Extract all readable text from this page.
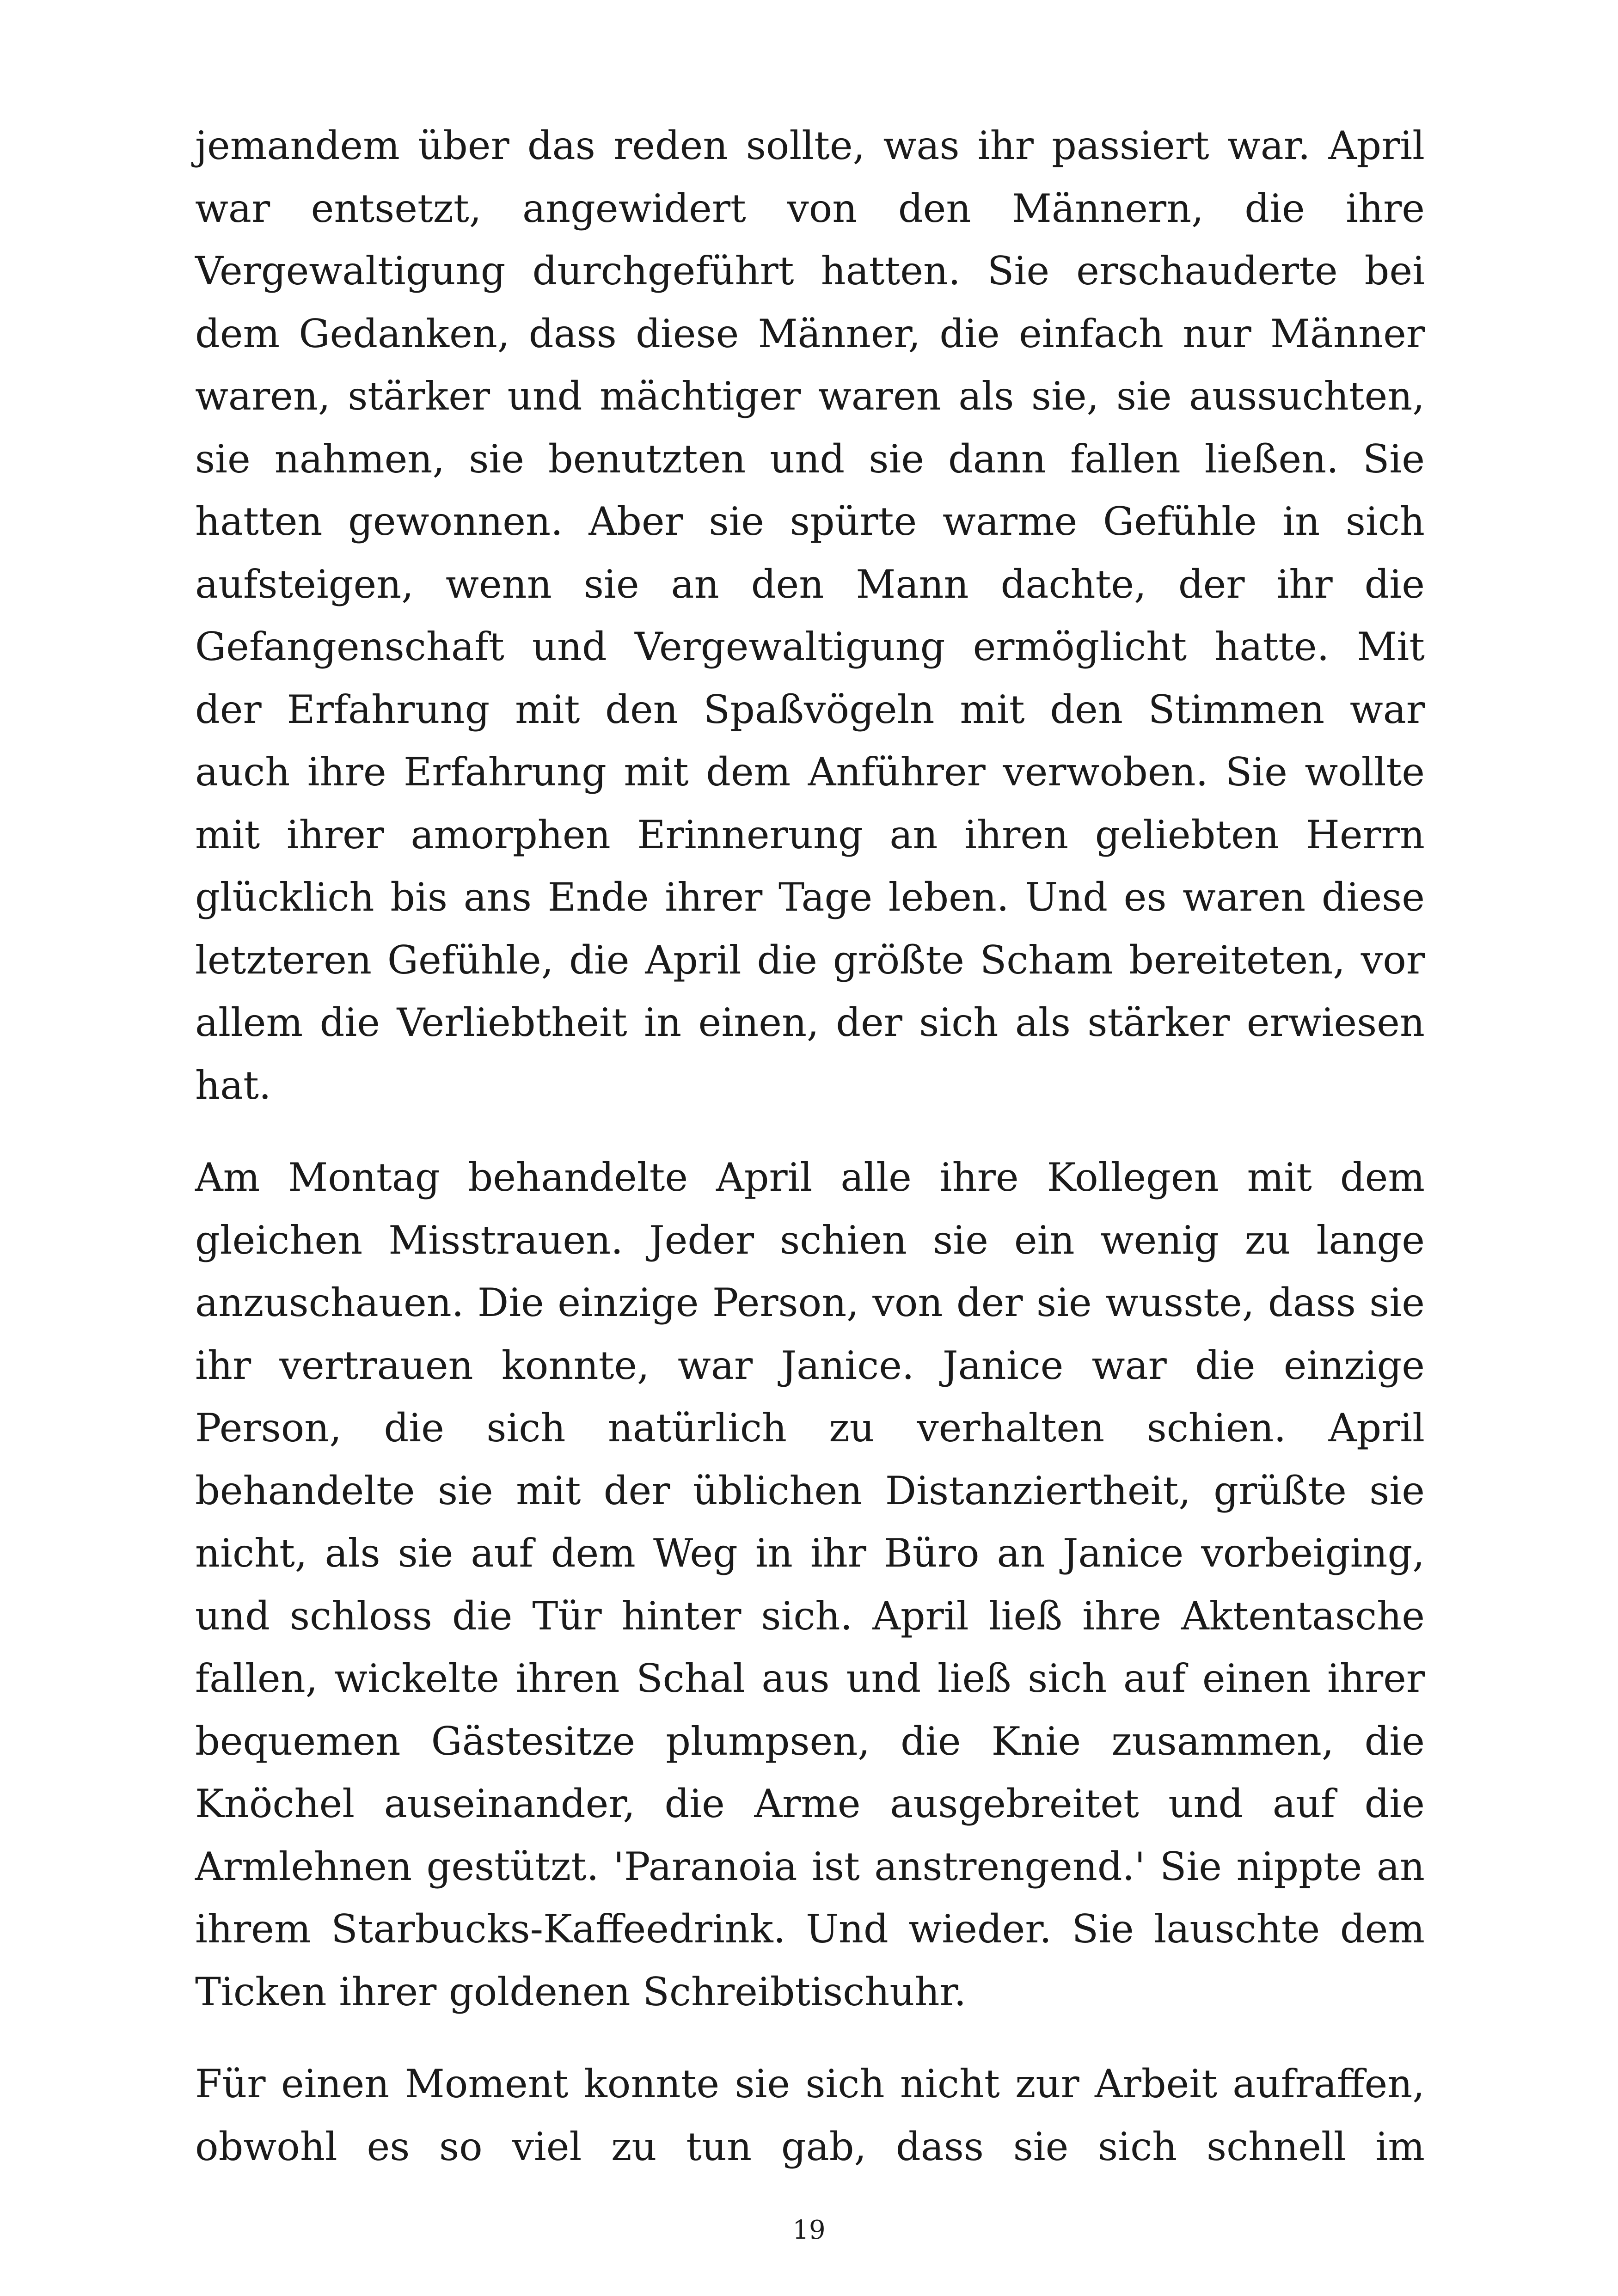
jemandem über das reden sollte, was ihr passiert war. April war entsetzt, angewidert von den Männern, die ihre Vergewaltigung durchgeführt hatten. Sie erschauderte bei dem Gedanken, dass diese Männer, die einfach nur Männer waren, stärker und mächtiger waren als sie, sie aussuchten, sie nahmen, sie benutzten und sie dann fallen ließen. Sie hatten gewonnen. Aber sie spürte warme Gefühle in sich aufsteigen, wenn sie an den Mann dachte, der ihr die Gefangenschaft und Vergewaltigung ermöglicht hatte. Mit der Erfahrung mit den Spaßvögeln mit den Stimmen war auch ihre Erfahrung mit dem Anführer verwoben. Sie wollte mit ihrer amorphen Erinnerung an ihren geliebten Herrn glücklich bis ans Ende ihrer Tage leben. Und es waren diese letzteren Gefühle, die April die größte Scham bereiteten, vor allem die Verliebtheit in einen, der sich als stärker erwiesen hat.

Am Montag behandelte April alle ihre Kollegen mit dem gleichen Misstrauen. Jeder schien sie ein wenig zu lange anzuschauen. Die einzige Person, von der sie wusste, dass sie ihr vertrauen konnte, war Janice. Janice war die einzige Person, die sich natürlich zu verhalten schien. April behandelte sie mit der üblichen Distanziertheit, grüßte sie nicht, als sie auf dem Weg in ihr Büro an Janice vorbeiging, und schloss die Tür hinter sich. April ließ ihre Aktentasche fallen, wickelte ihren Schal aus und ließ sich auf einen ihrer bequemen Gästesitze plumpsen, die Knie zusammen, die Knöchel auseinander, die Arme ausgebreitet und auf die Armlehnen gestützt. 'Paranoia ist anstrengend.' Sie nippte an ihrem Starbucks-Kaffeedrink. Und wieder. Sie lauschte dem Ticken ihrer goldenen Schreibtischuhr.

Für einen Moment konnte sie sich nicht zur Arbeit aufraffen, obwohl es so viel zu tun gab, dass sie sich schnell im

19
